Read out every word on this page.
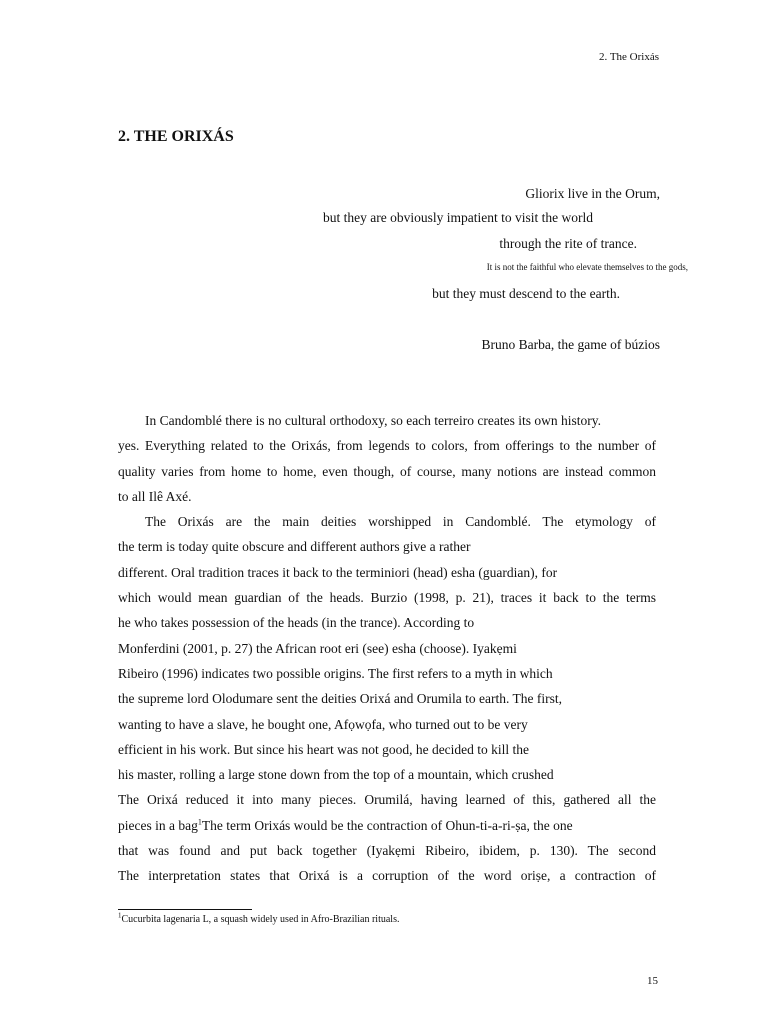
2. The Orixás
2. THE ORIXÁS
Gliorix live in the Orum,
but they are obviously impatient to visit the world
through the rite of trance.
It is not the faithful who elevate themselves to the gods,
but they must descend to the earth.
Bruno Barba, the game of búzios
In Candomblé there is no cultural orthodoxy, so each terreiro creates its own history.
yes. Everything related to the Orixás, from legends to colors, from offerings to the number of
quality varies from home to home, even though, of course, many notions are instead common
to all Ilê Axé.
The Orixás are the main deities worshipped in Candomblé. The etymology of
the term is today quite obscure and different authors give a rather
different. Oral tradition traces it back to the terminiori (head) esha (guardian), for
which would mean guardian of the heads. Burzio (1998, p. 21), traces it back to the terms
he who takes possession of the heads (in the trance). According to
Monferdini (2001, p. 27) the African root eri (see) esha (choose). Iyakẹmi
Ribeiro (1996) indicates two possible origins. The first refers to a myth in which
the supreme lord Olodumare sent the deities Orixá and Orumila to earth. The first,
wanting to have a slave, he bought one, Afọwọfa, who turned out to be very
efficient in his work. But since his heart was not good, he decided to kill the
his master, rolling a large stone down from the top of a mountain, which crushed
The Orixá reduced it into many pieces. Orumilá, having learned of this, gathered all the
pieces in a bag$^1$The term Orixás would be the contraction of Ohun-ti-a-ri-ṣa, the one
that was found and put back together (Iyakẹmi Ribeiro, ibidem, p. 130). The second
The interpretation states that Orixá is a corruption of the word oriṣe, a contraction of
$^1$Cucurbita lagenaria L, a squash widely used in Afro-Brazilian rituals.
15
